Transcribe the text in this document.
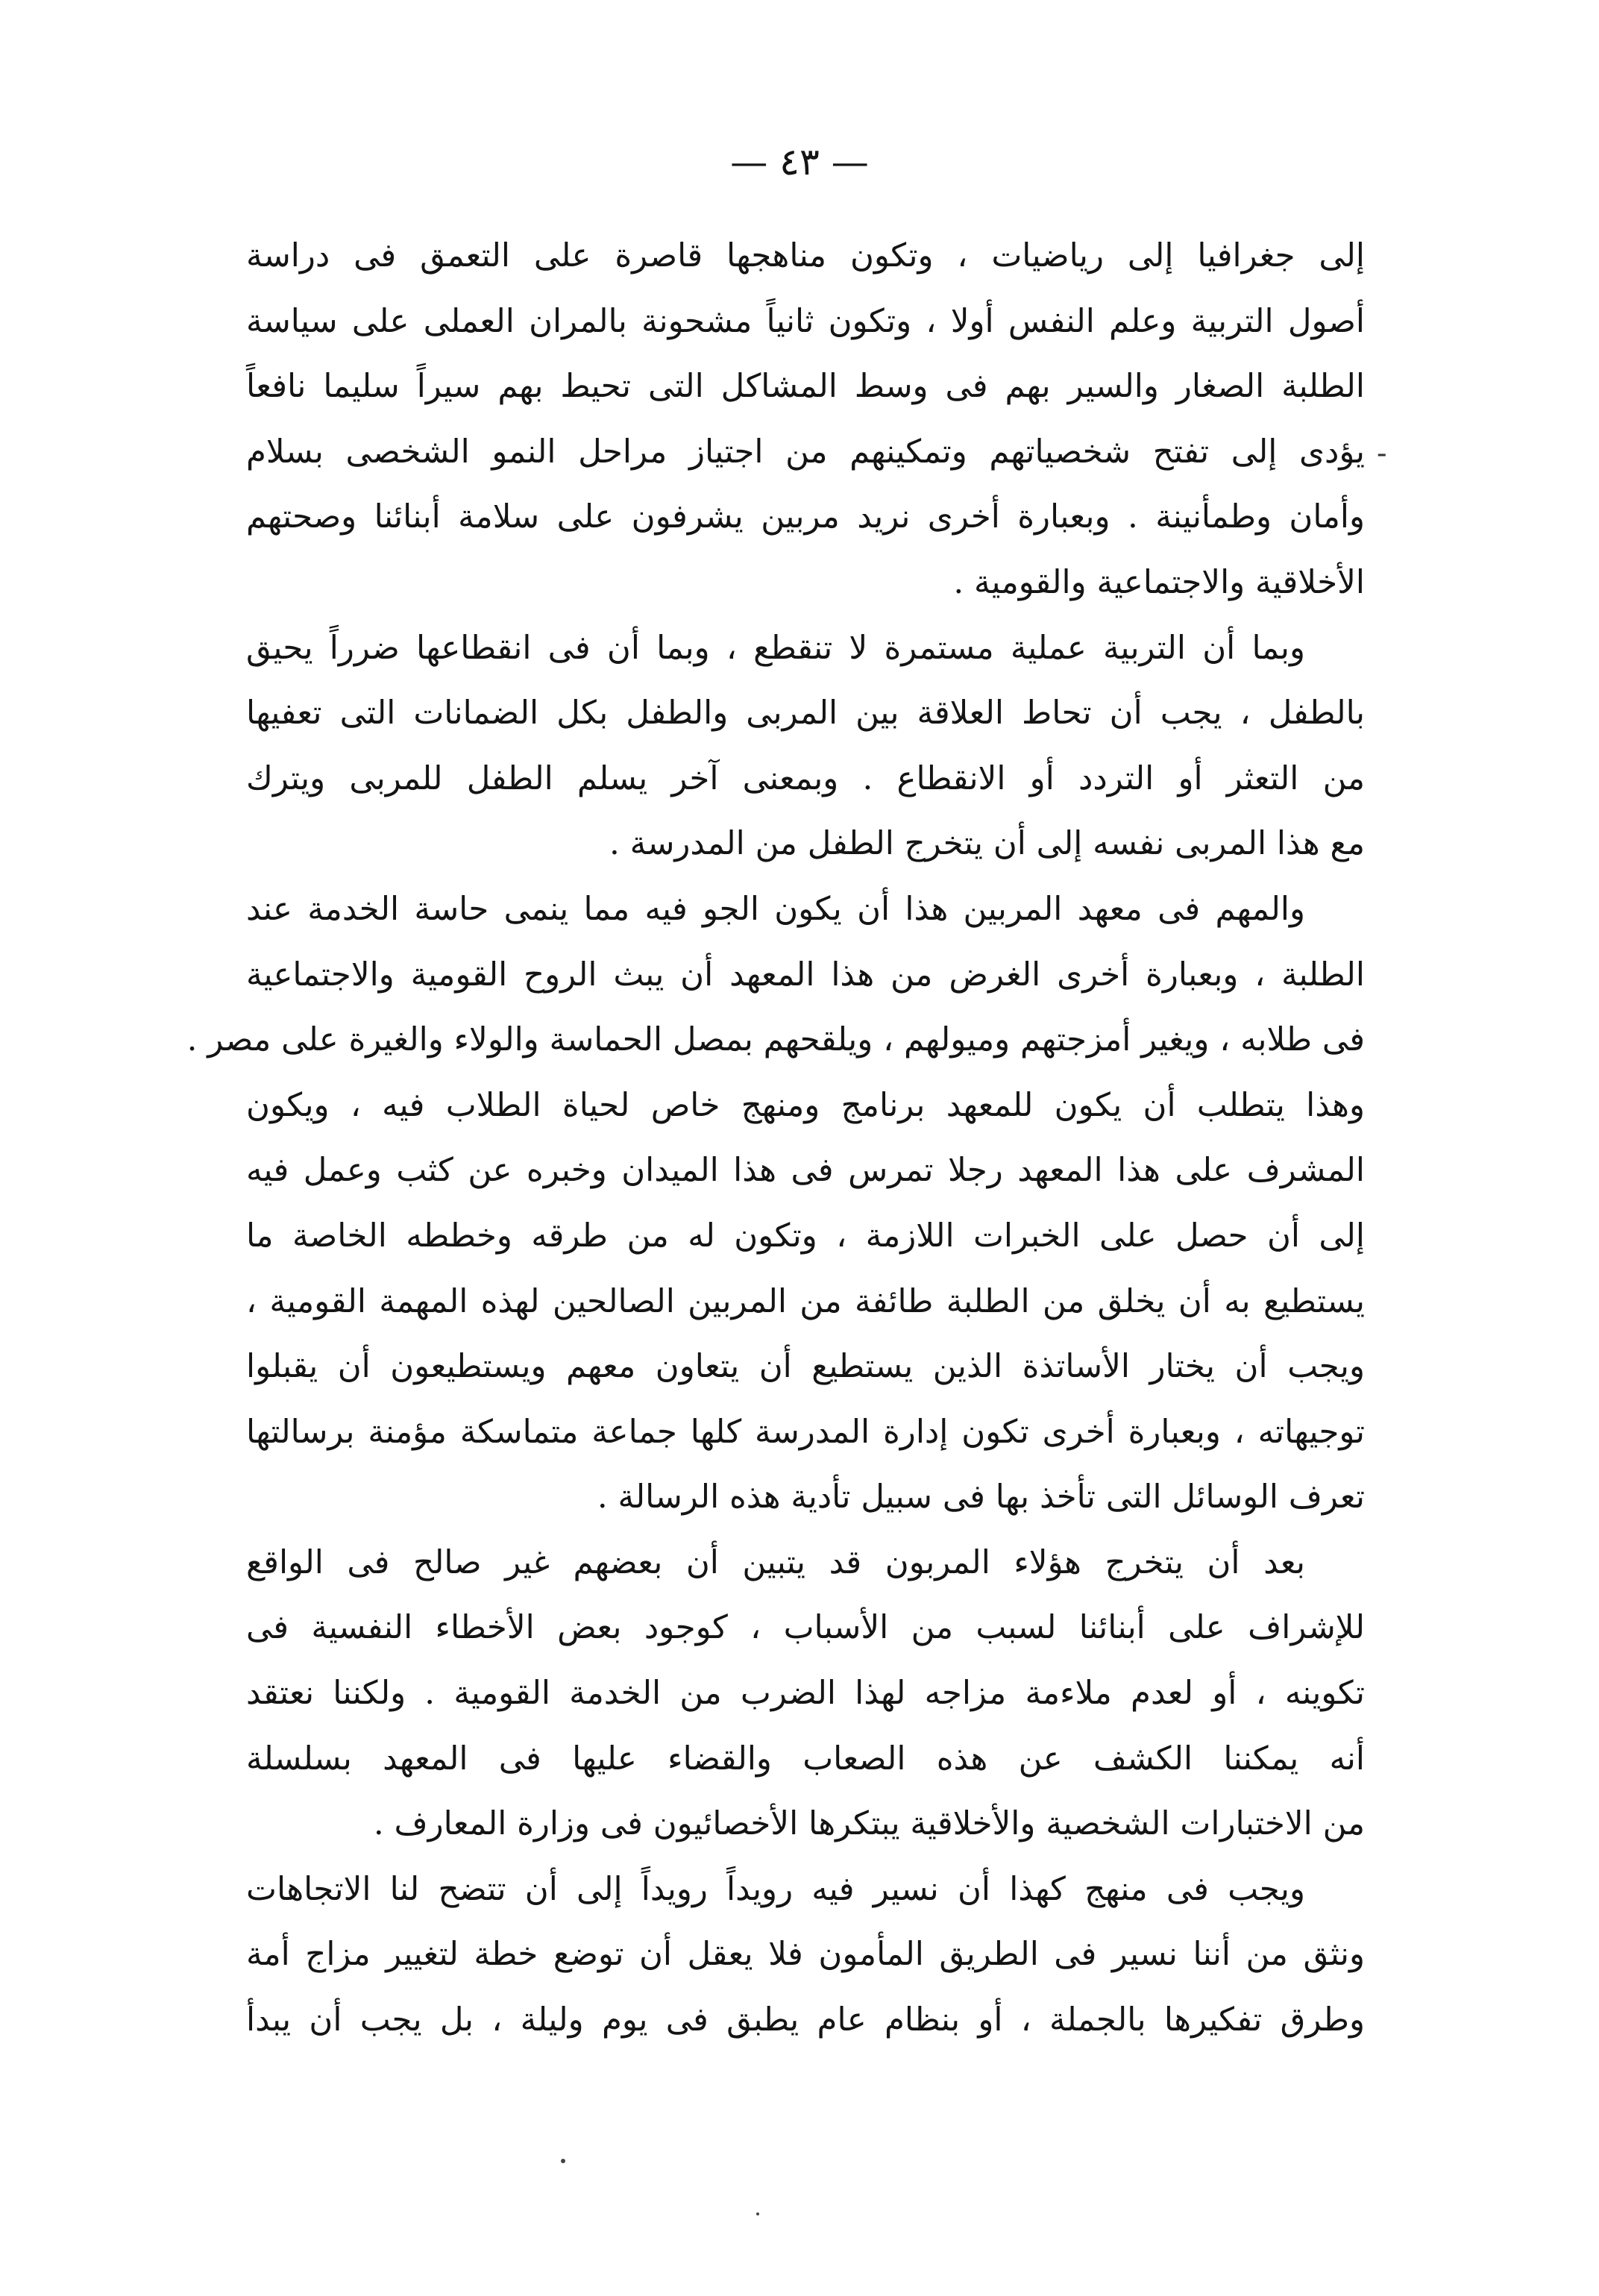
— ٤٣ —
إلى جغرافيا إلى رياضيات ، وتكون مناهجها قاصرة على التعمق فى دراسة
أصول التربية وعلم النفس أولا ، وتكون ثانياً مشحونة بالمران العملى على سياسة
الطلبة الصغار والسير بهم فى وسط المشاكل التى تحيط بهم سيراً سليما نافعاً
يؤدى إلى تفتح شخصياتهم وتمكينهم من اجتياز مراحل النمو الشخصى بسلام
وأمان وطمأنينة . وبعبارة أخرى نريد مربين يشرفون على سلامة أبنائنا وصحتهم
الأخلاقية والاجتماعية والقومية .
وبما أن التربية عملية مستمرة لا تنقطع ، وبما أن فى انقطاعها ضرراً يحيق
بالطفل ، يجب أن تحاط العلاقة بين المربى والطفل بكل الضمانات التى تعفيها
من التعثر أو التردد أو الانقطاع . وبمعنى آخر يسلم الطفل للمربى ويترك
مع هذا المربى نفسه إلى أن يتخرج الطفل من المدرسة .
والمهم فى معهد المربين هذا أن يكون الجو فيه مما ينمى حاسة الخدمة عند
الطلبة ، وبعبارة أخرى الغرض من هذا المعهد أن يبث الروح القومية والاجتماعية
فى طلابه ، ويغير أمزجتهم وميولهم ، ويلقحهم بمصل الحماسة والولاء والغيرة على مصر .
وهذا يتطلب أن يكون للمعهد برنامج ومنهج خاص لحياة الطلاب فيه ، ويكون
المشرف على هذا المعهد رجلا تمرس فى هذا الميدان وخبره عن كثب وعمل فيه
إلى أن حصل على الخبرات اللازمة ، وتكون له من طرقه وخططه الخاصة ما
يستطيع به أن يخلق من الطلبة طائفة من المربين الصالحين لهذه المهمة القومية ،
ويجب أن يختار الأساتذة الذين يستطيع أن يتعاون معهم ويستطيعون أن يقبلوا
توجيهاته ، وبعبارة أخرى تكون إدارة المدرسة كلها جماعة متماسكة مؤمنة برسالتها
تعرف الوسائل التى تأخذ بها فى سبيل تأدية هذه الرسالة .
بعد أن يتخرج هؤلاء المربون قد يتبين أن بعضهم غير صالح فى الواقع
للإشراف على أبنائنا لسبب من الأسباب ، كوجود بعض الأخطاء النفسية فى
تكوينه ، أو لعدم ملاءمة مزاجه لهذا الضرب من الخدمة القومية . ولكننا نعتقد
أنه يمكننا الكشف عن هذه الصعاب والقضاء عليها فى المعهد بسلسلة
من الاختبارات الشخصية والأخلاقية يبتكرها الأخصائيون فى وزارة المعارف .
ويجب فى منهج كهذا أن نسير فيه رويداً رويداً إلى أن تتضح لنا الاتجاهات
ونثق من أننا نسير فى الطريق المأمون فلا يعقل أن توضع خطة لتغيير مزاج أمة
وطرق تفكيرها بالجملة ، أو بنظام عام يطبق فى يوم وليلة ، بل يجب أن يبدأ
-
